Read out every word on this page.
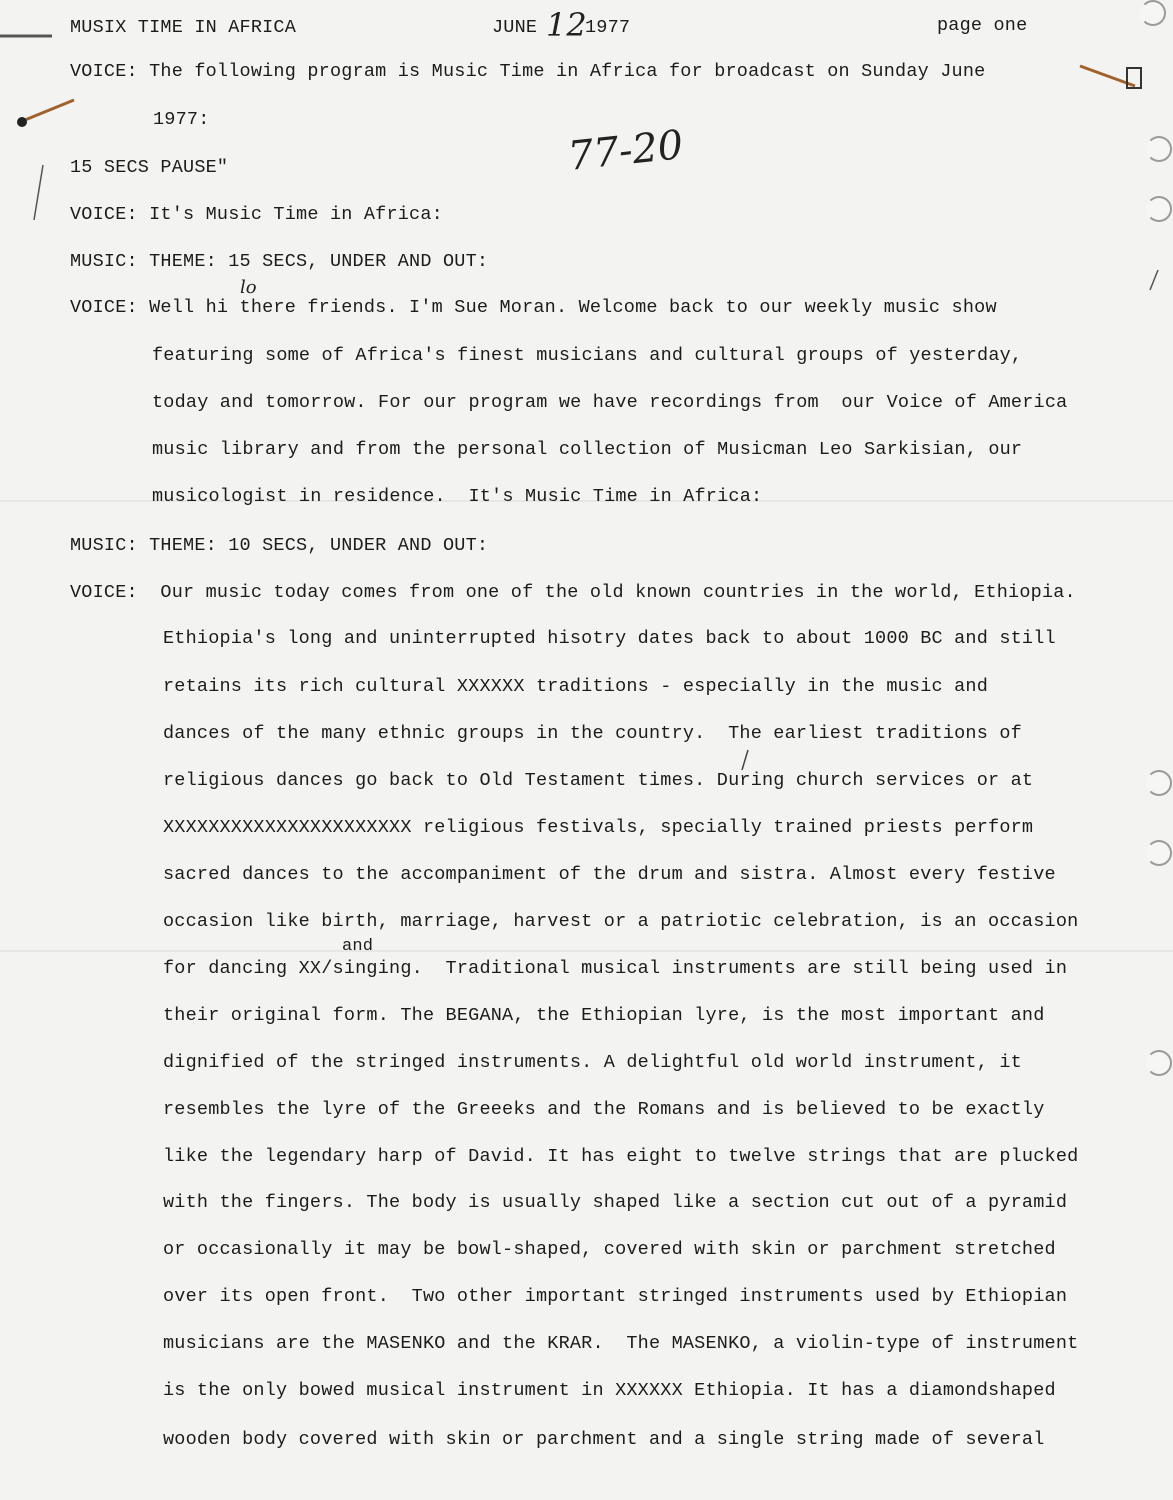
MUSIX TIME IN AFRICA	JUNE 12
1977	page one
77-20
lo
and
VOICE: The following program is Music Time in Africa for broadcast on Sunday June
1977:
15 SECS PAUSE"
VOICE: It's Music Time in Africa:
MUSIC: THEME: 15 SECS, UNDER AND OUT:
VOICE: Well hi there friends. I'm Sue Moran. Welcome back to our weekly music show
featuring some of Africa's finest musicians and cultural groups of yesterday,
today and tomorrow. For our program we have recordings from  our Voice of America
music library and from the personal collection of Musicman Leo Sarkisian, our
musicologist in residence.  It's Music Time in Africa:
MUSIC: THEME: 10 SECS, UNDER AND OUT:
VOICE:  Our music today comes from one of the old known countries in the world, Ethiopia.
Ethiopia's long and uninterrupted hisotry dates back to about 1000 BC and still
retains its rich cultural XXXXXX traditions - especially in the music and
dances of the many ethnic groups in the country.  The earliest traditions of
religious dances go back to Old Testament times. During church services or at
XXXXXXXXXXXXXXXXXXXXXX religious festivals, specially trained priests perform
sacred dances to the accompaniment of the drum and sistra. Almost every festive
occasion like birth, marriage, harvest or a patriotic celebration, is an occasion
for dancing XX/singing.  Traditional musical instruments are still being used in
their original form. The BEGANA, the Ethiopian lyre, is the most important and
dignified of the stringed instruments. A delightful old world instrument, it
resembles the lyre of the Greeeks and the Romans and is believed to be exactly
like the legendary harp of David. It has eight to twelve strings that are plucked
with the fingers. The body is usually shaped like a section cut out of a pyramid
or occasionally it may be bowl-shaped, covered with skin or parchment stretched
over its open front.  Two other important stringed instruments used by Ethiopian
musicians are the MASENKO and the KRAR.  The MASENKO, a violin-type of instrument
is the only bowed musical instrument in XXXXXX Ethiopia. It has a diamondshaped
wooden body covered with skin or parchment and a single string made of several
